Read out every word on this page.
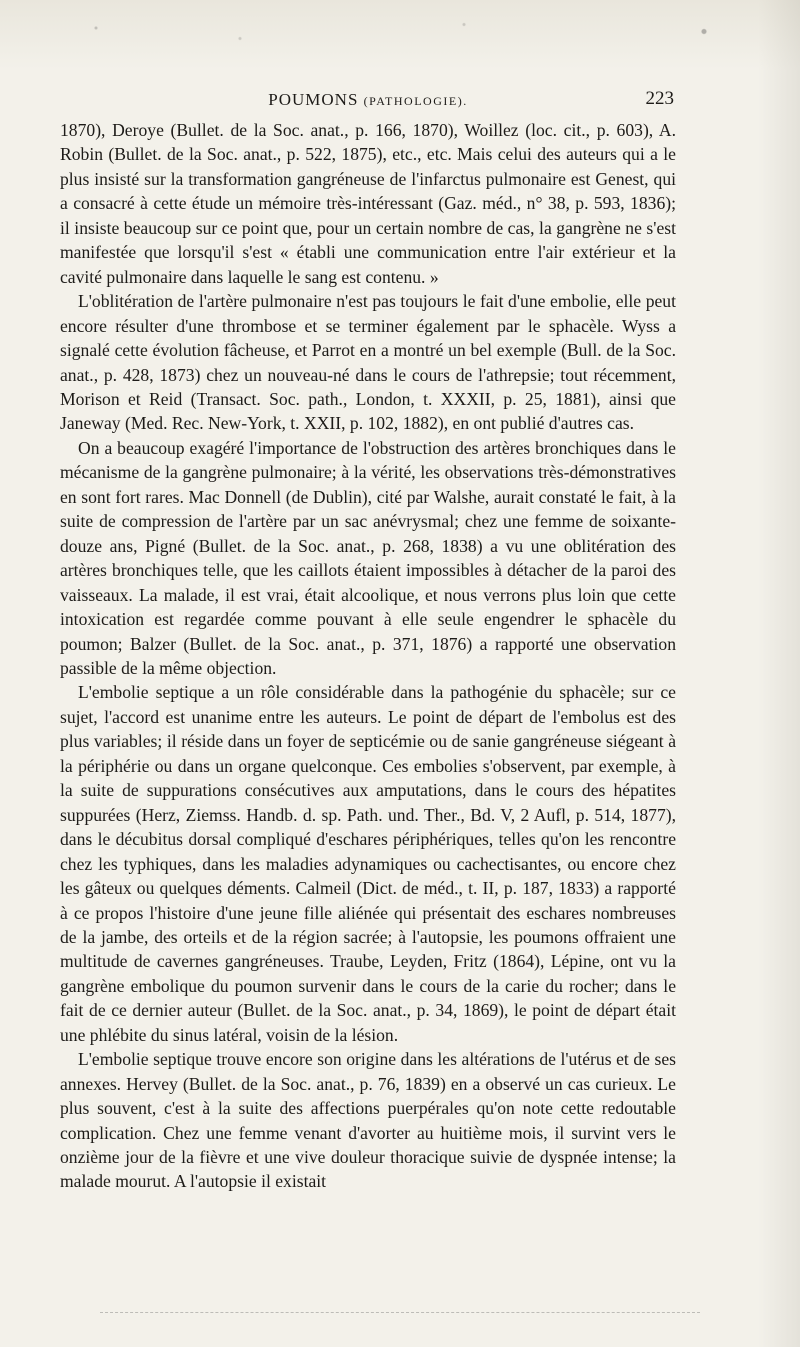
POUMONS (PATHOLOGIE).	223

1870), Deroye (Bullet. de la Soc. anat., p. 166, 1870), Woillez (loc. cit., p. 603), A. Robin (Bullet. de la Soc. anat., p. 522, 1875), etc., etc. Mais celui des auteurs qui a le plus insisté sur la transformation gangréneuse de l'infarctus pulmonaire est Genest, qui a consacré à cette étude un mémoire très-intéressant (Gaz. méd., n° 38, p. 593, 1836); il insiste beaucoup sur ce point que, pour un certain nombre de cas, la gangrène ne s'est manifestée que lorsqu'il s'est « établi une communication entre l'air extérieur et la cavité pulmonaire dans laquelle le sang est contenu. »

L'oblitération de l'artère pulmonaire n'est pas toujours le fait d'une embolie, elle peut encore résulter d'une thrombose et se terminer également par le sphacèle. Wyss a signalé cette évolution fâcheuse, et Parrot en a montré un bel exemple (Bull. de la Soc. anat., p. 428, 1873) chez un nouveau-né dans le cours de l'athrepsie; tout récemment, Morison et Reid (Transact. Soc. path., London, t. XXXII, p. 25, 1881), ainsi que Janeway (Med. Rec. New-York, t. XXII, p. 102, 1882), en ont publié d'autres cas.

On a beaucoup exagéré l'importance de l'obstruction des artères bronchiques dans le mécanisme de la gangrène pulmonaire; à la vérité, les observations très-démonstratives en sont fort rares. Mac Donnell (de Dublin), cité par Walshe, aurait constaté le fait, à la suite de compression de l'artère par un sac anévrysmal; chez une femme de soixante-douze ans, Pigné (Bullet. de la Soc. anat., p. 268, 1838) a vu une oblitération des artères bronchiques telle, que les caillots étaient impossibles à détacher de la paroi des vaisseaux. La malade, il est vrai, était alcoolique, et nous verrons plus loin que cette intoxication est regardée comme pouvant à elle seule engendrer le sphacèle du poumon; Balzer (Bullet. de la Soc. anat., p. 371, 1876) a rapporté une observation passible de la même objection.

L'embolie septique a un rôle considérable dans la pathogénie du sphacèle; sur ce sujet, l'accord est unanime entre les auteurs. Le point de départ de l'embolus est des plus variables; il réside dans un foyer de septicémie ou de sanie gangréneuse siégeant à la périphérie ou dans un organe quelconque. Ces embolies s'observent, par exemple, à la suite de suppurations consécutives aux amputations, dans le cours des hépatites suppurées (Herz, Ziemss. Handb. d. sp. Path. und. Ther., Bd. V, 2 Aufl, p. 514, 1877), dans le décubitus dorsal compliqué d'eschares périphériques, telles qu'on les rencontre chez les typhiques, dans les maladies adynamiques ou cachectisantes, ou encore chez les gâteux ou quelques déments. Calmeil (Dict. de méd., t. II, p. 187, 1833) a rapporté à ce propos l'histoire d'une jeune fille aliénée qui présentait des eschares nombreuses de la jambe, des orteils et de la région sacrée; à l'autopsie, les poumons offraient une multitude de cavernes gangréneuses. Traube, Leyden, Fritz (1864), Lépine, ont vu la gangrène embolique du poumon survenir dans le cours de la carie du rocher; dans le fait de ce dernier auteur (Bullet. de la Soc. anat., p. 34, 1869), le point de départ était une phlébite du sinus latéral, voisin de la lésion.

L'embolie septique trouve encore son origine dans les altérations de l'utérus et de ses annexes. Hervey (Bullet. de la Soc. anat., p. 76, 1839) en a observé un cas curieux. Le plus souvent, c'est à la suite des affections puerpérales qu'on note cette redoutable complication. Chez une femme venant d'avorter au huitième mois, il survint vers le onzième jour de la fièvre et une vive douleur thoracique suivie de dyspnée intense; la malade mourut. A l'autopsie il existait
